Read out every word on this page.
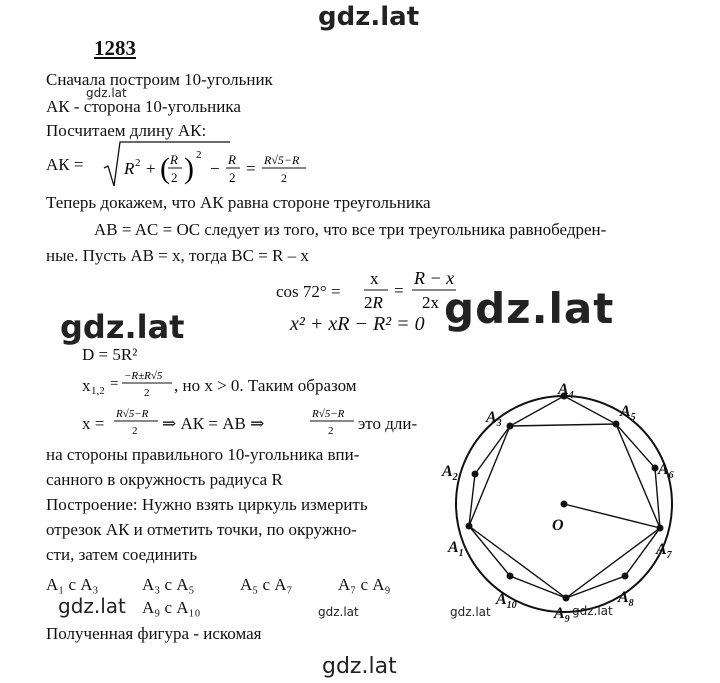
gdz.lat
gdz.lat
gdz.lat	gdz.lat
gdz.lat	gdz.lat
gdz.lat
1283
Сначала построим 10-угольник
АК - сторона 10-угольника
Посчитаем длину АК:
АК = R 2 + ( R
2 ) 2
− R
2 = R√5−R
2
Теперь докажем, что АК равна стороне треугольника
AB = AC = OC следует из того, что все три треугольника равнобедрен-
ные. Пусть AB = x, тогда BC = R – x
cos 72° =
x
2R
=
R − x
2x
x² + xR − R² = 0
D = 5R²
x 1,2 = −R±R√5
2 , но x > 0. Таким образом
x = R√5−R
2 ⇒ АК = AB ⇒	R√5−R
2 это дли-
на стороны правильного 10-угольника впи-
санного в окружность радиуса R
Построение: Нужно взять циркуль измерить
отрезок АК и отметить точки, по окружно-
сти, затем соединить
A₁ с A₃	A₃ с A₅	A₅ с A₇	A₇ с A₉
A₉ с A₁₀
Полученная фигура - искомая
$A_1$
$A_2$
$A_3$
$A_4$
$A_5$
$A_6$
$A_7$
$A_8$
$A_9$
$A_{10}$
O
gdz.lat	gdz.lat
